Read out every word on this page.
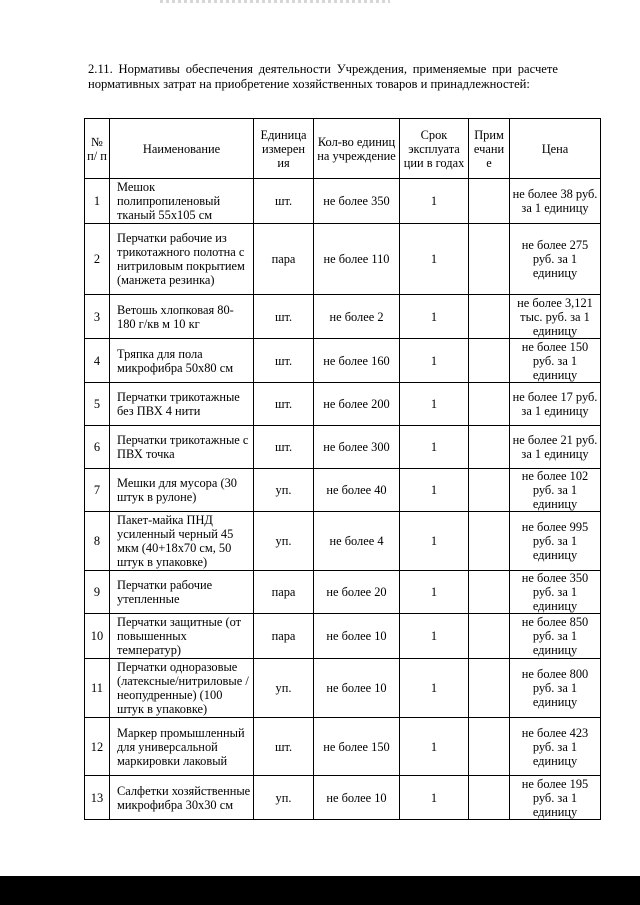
2.11. Нормативы обеспечения деятельности Учреждения, применяемые при расчете

нормативных затрат на приобретение хозяйственных товаров и принадлежностей:

№ п/ п	Наименование	Единица измерен ия	Кол-во единиц на учреждение	Срок эксплуата ции в годах	Прим ечани е	Цена
1	Мешок полипропиленовый тканый 55х105 см	шт.	не более 350	1		не более 38 руб. за 1 единицу
2	Перчатки рабочие из трикотажного полотна с нитриловым покрытием (манжета резинка)	пара	не более 110	1		не более 275 руб. за 1 единицу
3	Ветошь хлопковая 80-180 г/кв м 10 кг	шт.	не более 2	1		не более 3,121 тыс. руб. за 1 единицу
4	Тряпка для пола микрофибра 50х80 см	шт.	не более 160	1		не более 150 руб. за 1 единицу
5	Перчатки трикотажные без ПВХ 4 нити	шт.	не более 200	1		не более 17 руб. за 1 единицу
6	Перчатки трикотажные с ПВХ точка	шт.	не более 300	1		не более 21 руб. за 1 единицу
7	Мешки для мусора (30 штук в рулоне)	уп.	не более 40	1		не более 102 руб. за 1 единицу
8	Пакет-майка ПНД усиленный черный 45 мкм (40+18х70 см, 50 штук в упаковке)	уп.	не более 4	1		не более 995 руб. за 1 единицу
9	Перчатки рабочие утепленные	пара	не более 20	1		не более 350 руб. за 1 единицу
10	Перчатки защитные (от повышенных температур)	пара	не более 10	1		не более 850 руб. за 1 единицу
11	Перчатки одноразовые (латексные/нитриловые /неопудренные) (100 штук в упаковке)	уп.	не более 10	1		не более 800 руб. за 1 единицу
12	Маркер промышленный для универсальной маркировки лаковый	шт.	не более 150	1		не более 423 руб. за 1 единицу
13	Салфетки хозяйственные микрофибра 30х30 см	уп.	не более 10	1		не более 195 руб. за 1 единицу
